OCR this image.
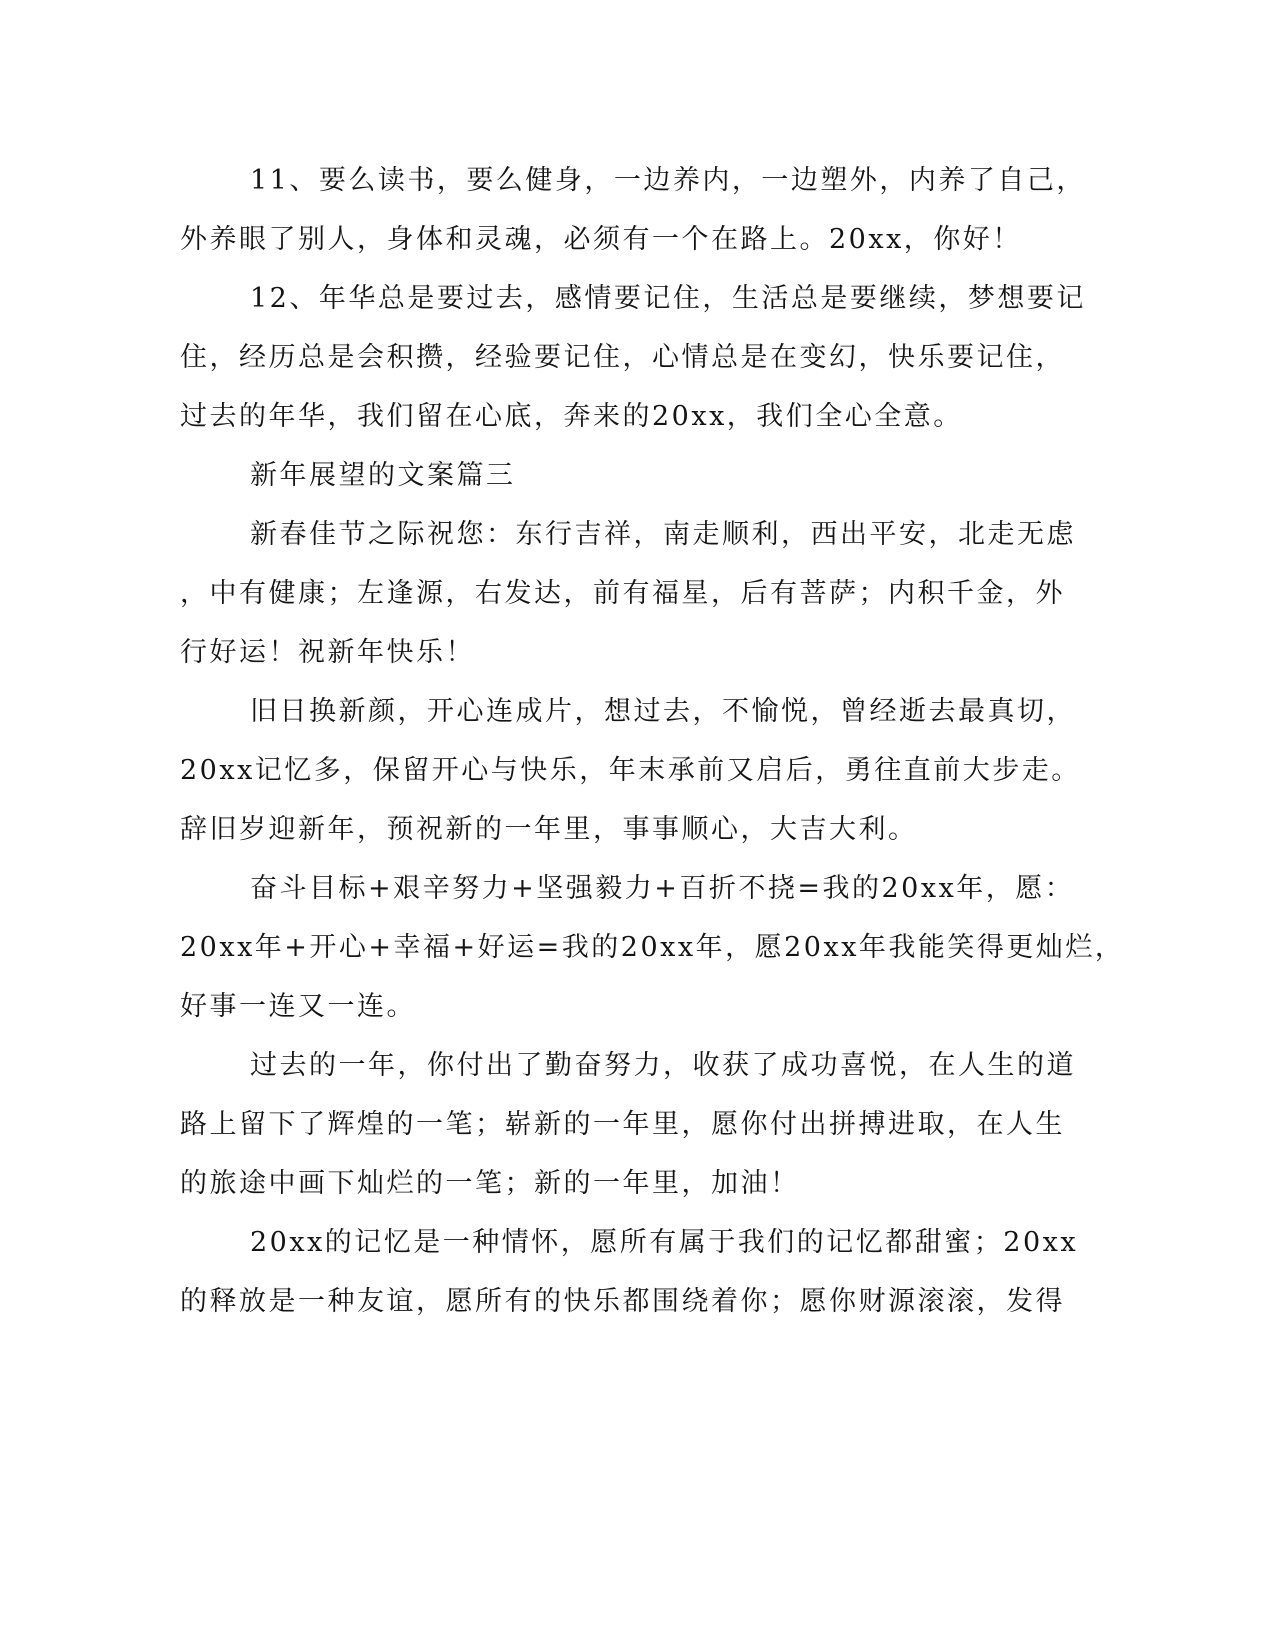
11、要么读书，要么健身，一边养内，一边塑外，内养了自己，
外养眼了别人，身体和灵魂，必须有一个在路上。20xx，你好！
12、年华总是要过去，感情要记住，生活总是要继续，梦想要记
住，经历总是会积攒，经验要记住，心情总是在变幻，快乐要记住，
过去的年华，我们留在心底，奔来的20xx，我们全心全意。
新年展望的文案篇三
新春佳节之际祝您：东行吉祥，南走顺利，西出平安，北走无虑
，中有健康；左逢源，右发达，前有福星，后有菩萨；内积千金，外
行好运！祝新年快乐！
旧日换新颜，开心连成片，想过去，不愉悦，曾经逝去最真切，
20xx记忆多，保留开心与快乐，年末承前又启后，勇往直前大步走。
辞旧岁迎新年，预祝新的一年里，事事顺心，大吉大利。
奋斗目标+艰辛努力+坚强毅力+百折不挠=我的20xx年，愿：
20xx年+开心+幸福+好运=我的20xx年，愿20xx年我能笑得更灿烂，
好事一连又一连。
过去的一年，你付出了勤奋努力，收获了成功喜悦，在人生的道
路上留下了辉煌的一笔；崭新的一年里，愿你付出拼搏进取，在人生
的旅途中画下灿烂的一笔；新的一年里，加油！
20xx的记忆是一种情怀，愿所有属于我们的记忆都甜蜜；20xx
的释放是一种友谊，愿所有的快乐都围绕着你；愿你财源滚滚，发得
